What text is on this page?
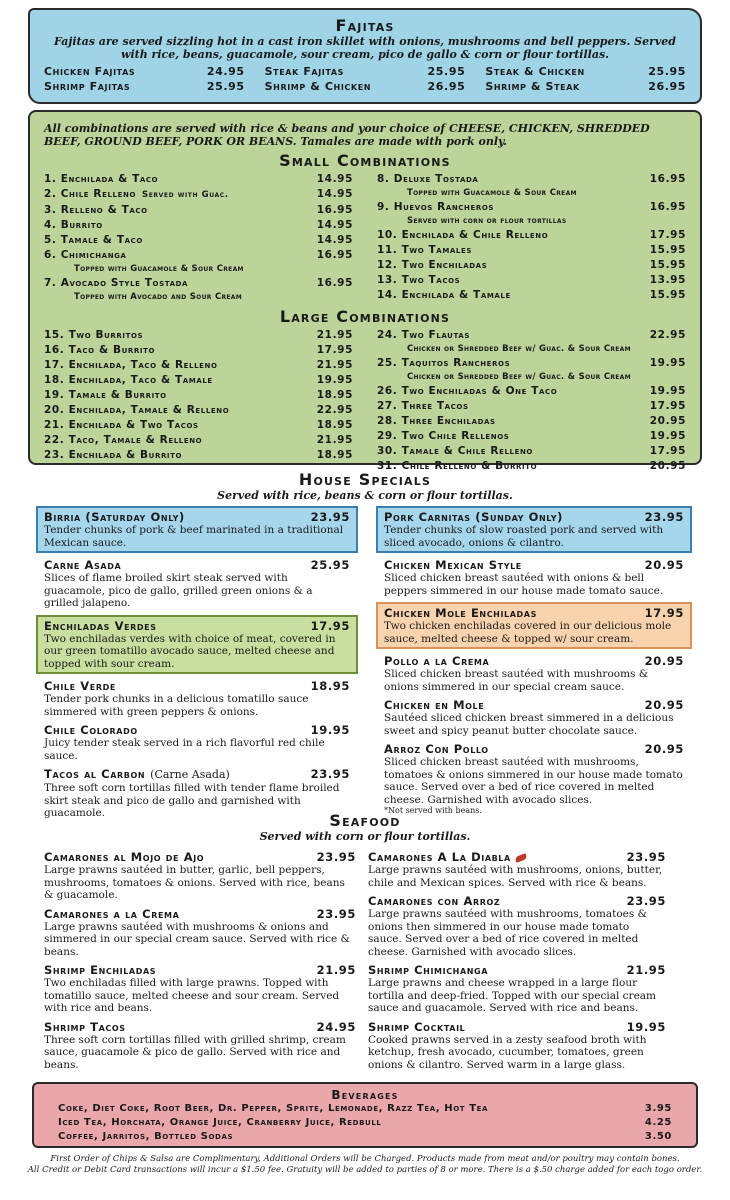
Fajitas
Fajitas are served sizzling hot in a cast iron skillet with onions, mushrooms and bell peppers. Served with rice, beans, guacamole, sour cream, pico de gallo & corn or flour tortillas.
Chicken Fajitas	24.95 Steak Fajitas	25.95 Steak & Chicken	25.95
Shrimp Fajitas	25.95 Shrimp & Chicken	26.95 Shrimp & Steak	26.95
All combinations are served with rice & beans and your choice of CHEESE, CHICKEN, SHREDDED BEEF, GROUND BEEF, PORK OR BEANS. Tamales are made with pork only.
Small Combinations
1. Enchilada & Taco	14.95
2. Chile Relleno Served with Guac.	14.95
3. Relleno & Taco	16.95
4. Burrito	14.95
5. Tamale & Taco	14.95
6. Chimichanga	16.95
Topped with Guacamole & Sour Cream
7. Avocado Style Tostada	16.95
Topped with Avocado and Sour Cream
8. Deluxe Tostada	16.95
Topped with Guacamole & Sour Cream
9. Huevos Rancheros	16.95
Served with corn or flour tortillas
10. Enchilada & Chile Relleno	17.95
11. Two Tamales	15.95
12. Two Enchiladas	15.95
13. Two Tacos	13.95
14. Enchilada & Tamale	15.95
Large Combinations
15. Two Burritos	21.95
16. Taco & Burrito	17.95
17. Enchilada, Taco & Relleno	21.95
18. Enchilada, Taco & Tamale	19.95
19. Tamale & Burrito	18.95
20. Enchilada, Tamale & Relleno	22.95
21. Enchilada & Two Tacos	18.95
22. Taco, Tamale & Relleno	21.95
23. Enchilada & Burrito	18.95
24. Two Flautas	22.95
Chicken or Shredded Beef w/ Guac. & Sour Cream
25. Taquitos Rancheros	19.95
Chicken or Shredded Beef w/ Guac. & Sour Cream
26. Two Enchiladas & One Taco	19.95
27. Three Tacos	17.95
28. Three Enchiladas	20.95
29. Two Chile Rellenos	19.95
30. Tamale & Chile Relleno	17.95
31. Chile Relleno & Burrito	20.95
House Specials
Served with rice, beans & corn or flour tortillas.
Birria (Saturday Only)	23.95
Tender chunks of pork & beef marinated in a traditional Mexican sauce.
Carne Asada	25.95
Slices of flame broiled skirt steak served with guacamole, pico de gallo, grilled green onions & a grilled jalapeno.
Enchiladas Verdes	17.95
Two enchiladas verdes with choice of meat, covered in our green tomatillo avocado sauce, melted cheese and topped with sour cream.
Chile Verde	18.95
Tender pork chunks in a delicious tomatillo sauce simmered with green peppers & onions.
Chile Colorado	19.95
Juicy tender steak served in a rich flavorful red chile sauce.
Tacos al Carbon (Carne Asada)	23.95
Three soft corn tortillas filled with tender flame broiled skirt steak and pico de gallo and garnished with guacamole.
Pork Carnitas (Sunday Only)	23.95
Tender chunks of slow roasted pork and served with sliced avocado, onions & cilantro.
Chicken Mexican Style	20.95
Sliced chicken breast sautéed with onions & bell peppers simmered in our house made tomato sauce.
Chicken Mole Enchiladas	17.95
Two chicken enchiladas covered in our delicious mole sauce, melted cheese & topped w/ sour cream.
Pollo a la Crema	20.95
Sliced chicken breast sautéed with mushrooms & onions simmered in our special cream sauce.
Chicken en Mole	20.95
Sautéed sliced chicken breast simmered in a delicious sweet and spicy peanut butter chocolate sauce.
Arroz Con Pollo	20.95
Sliced chicken breast sautéed with mushrooms, tomatoes & onions simmered in our house made tomato sauce. Served over a bed of rice covered in melted cheese. Garnished with avocado slices.
*Not served with beans.
Seafood
Served with corn or flour tortillas.
Camarones al Mojo de Ajo	23.95
Large prawns sautéed in butter, garlic, bell peppers, mushrooms, tomatoes & onions. Served with rice, beans & guacamole.
Camarones a la Crema	23.95
Large prawns sautéed with mushrooms & onions and simmered in our special cream sauce. Served with rice & beans.
Shrimp Enchiladas	21.95
Two enchiladas filled with large prawns. Topped with tomatillo sauce, melted cheese and sour cream. Served with rice and beans.
Shrimp Tacos	24.95
Three soft corn tortillas filled with grilled shrimp, cream sauce, guacamole & pico de gallo. Served with rice and beans.
Camarones A La Diabla	23.95
Large prawns sautéed with mushrooms, onions, butter, chile and Mexican spices. Served with rice & beans.
Camarones con Arroz	23.95
Large prawns sautéed with mushrooms, tomatoes & onions then simmered in our house made tomato sauce. Served over a bed of rice covered in melted cheese. Garnished with avocado slices.
Shrimp Chimichanga	21.95
Large prawns and cheese wrapped in a large flour tortilla and deep-fried. Topped with our special cream sauce and guacamole. Served with rice and beans.
Shrimp Cocktail	19.95
Cooked prawns served in a zesty seafood broth with ketchup, fresh avocado, cucumber, tomatoes, green onions & cilantro. Served warm in a large glass.
Beverages
Coke, Diet Coke, Root Beer, Dr. Pepper, Sprite, Lemonade, Razz Tea, Hot Tea	3.95
Iced Tea, Horchata, Orange Juice, Cranberry Juice, Redbull	4.25
Coffee, Jarritos, Bottled Sodas	3.50
First Order of Chips & Salsa are Complimentary, Additional Orders will be Charged. Products made from meat and/or poultry may contain bones.
All Credit or Debit Card transactions will incur a $1.50 fee. Gratuity will be added to parties of 8 or more. There is a $.50 charge added for each togo order.
